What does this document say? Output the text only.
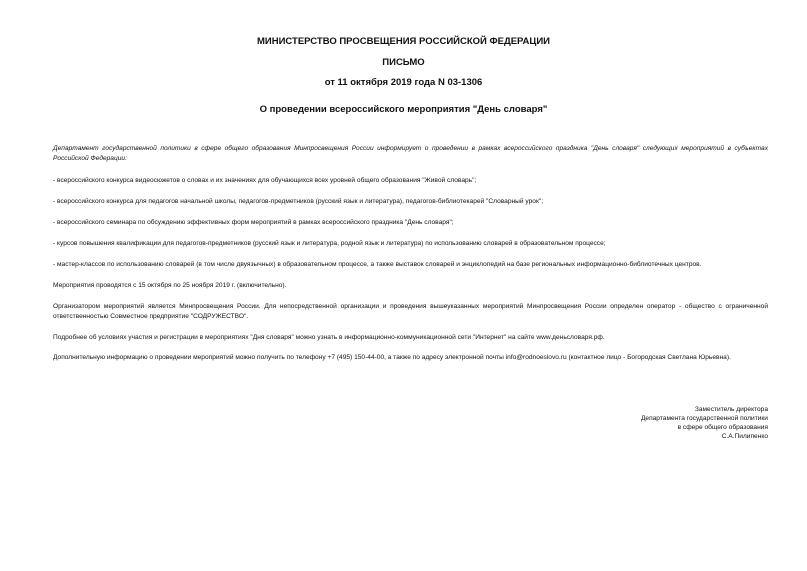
МИНИСТЕРСТВО ПРОСВЕЩЕНИЯ РОССИЙСКОЙ ФЕДЕРАЦИИ
ПИСЬМО
от 11 октября 2019 года N 03-1306
О проведении всероссийского мероприятия "День словаря"
Департамент государственной политики в сфере общего образования Минпросвещения России информирует о проведении в рамках всероссийского праздника "День словаря" следующих мероприятий в субъектах Российской Федерации:
- всероссийского конкурса видеосюжетов о словах и их значениях для обучающихся всех уровней общего образования "Живой словарь";
- всероссийского конкурса для педагогов начальной школы, педагогов-предметников (русский язык и литература), педагогов-библиотекарей "Словарный урок";
- всероссийского семинара по обсуждению эффективных форм мероприятий в рамках всероссийского праздника "День словаря";
- курсов повышения квалификации для педагогов-предметников (русский язык и литература, родной язык и литература) по использованию словарей в образовательном процессе;
- мастер-классов по использованию словарей (в том числе двуязычных) в образовательном процессе, а также выставок словарей и энциклопедий на базе региональных информационно-библиотечных центров.
Мероприятия проводятся с 15 октября по 25 ноября 2019 г. (включительно).
Организатором мероприятий является Минпросвещения России. Для непосредственной организации и проведения вышеуказанных мероприятий Минпросвещения России определен оператор - общество с ограниченной ответственностью Совместное предприятие "СОДРУЖЕСТВО".
Подробнее об условиях участия и регистрации в мероприятиях "Дня словаря" можно узнать в информационно-коммуникационной сети "Интернет" на сайте www.деньсловаря.рф.
Дополнительную информацию о проведении мероприятий можно получить по телефону +7 (495) 150-44-00, а также по адресу электронной почты info@rodnoeslovo.ru (контактное лицо - Богородская Светлана Юрьевна).
Заместитель директора
Департамента государственной политики
в сфере общего образования
С.А.Пилипенко
